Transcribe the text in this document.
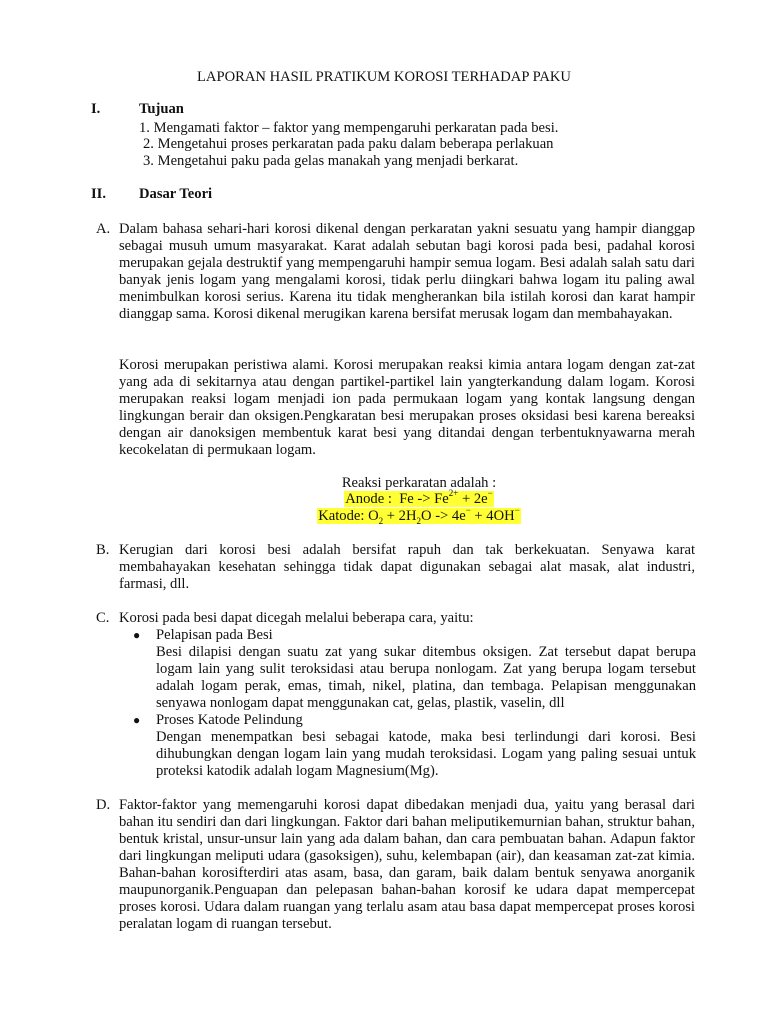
LAPORAN HASIL PRATIKUM KOROSI TERHADAP PAKU
I.	Tujuan
1. Mengamati faktor – faktor yang mempengaruhi perkaratan pada besi.
2. Mengetahui proses perkaratan pada paku dalam beberapa perlakuan
3. Mengetahui paku pada gelas manakah yang menjadi berkarat.
II. Dasar Teori
A. Dalam bahasa sehari-hari korosi dikenal dengan perkaratan yakni sesuatu yang hampir dianggap sebagai musuh umum masyarakat. Karat adalah sebutan bagi korosi pada besi, padahal korosi merupakan gejala destruktif yang mempengaruhi hampir semua logam. Besi adalah salah satu dari banyak jenis logam yang mengalami korosi, tidak perlu diingkari bahwa logam itu paling awal menimbulkan korosi serius. Karena itu tidak mengherankan bila istilah korosi dan karat hampir dianggap sama. Korosi dikenal merugikan karena bersifat merusak logam dan membahayakan.
Korosi merupakan peristiwa alami. Korosi merupakan reaksi kimia antara logam dengan zat-zat yang ada di sekitarnya atau dengan partikel-partikel lain yangterkandung dalam logam. Korosi merupakan reaksi logam menjadi ion pada permukaan logam yang kontak langsung dengan lingkungan berair dan oksigen.Pengkaratan besi merupakan proses oksidasi besi karena bereaksi dengan air danoksigen membentuk karat besi yang ditandai dengan terbentuknyawarna merah kecokelatan di permukaan logam.
Reaksi perkaratan adalah :
Anode : $Fe -> Fe^{2+} + 2e^-$
Katode: $O_2 + 2H_2O -> 4e^- + 4OH^-$
B. Kerugian dari korosi besi adalah bersifat rapuh dan tak berkekuatan. Senyawa karat membahayakan kesehatan sehingga tidak dapat digunakan sebagai alat masak, alat industri, farmasi, dll.
C. Korosi pada besi dapat dicegah melalui beberapa cara, yaitu:
● Pelapisan pada Besi
Besi dilapisi dengan suatu zat yang sukar ditembus oksigen. Zat tersebut dapat berupa logam lain yang sulit teroksidasi atau berupa nonlogam. Zat yang berupa logam tersebut adalah logam perak, emas, timah, nikel, platina, dan tembaga. Pelapisan menggunakan senyawa nonlogam dapat menggunakan cat, gelas, plastik, vaselin, dll
● Proses Katode Pelindung
Dengan menempatkan besi sebagai katode, maka besi terlindungi dari korosi. Besi dihubungkan dengan logam lain yang mudah teroksidasi. Logam yang paling sesuai untuk proteksi katodik adalah logam Magnesium(Mg).
D. Faktor-faktor yang memengaruhi korosi dapat dibedakan menjadi dua, yaitu yang berasal dari bahan itu sendiri dan dari lingkungan. Faktor dari bahan meliputikemurnian bahan, struktur bahan, bentuk kristal, unsur-unsur lain yang ada dalam bahan, dan cara pembuatan bahan. Adapun faktor dari lingkungan meliputi udara (gasoksigen), suhu, kelembapan (air), dan keasaman zat-zat kimia. Bahan-bahan korosifterdiri atas asam, basa, dan garam, baik dalam bentuk senyawa anorganik maupunorganik.Penguapan dan pelepasan bahan-bahan korosif ke udara dapat mempercepat proses korosi. Udara dalam ruangan yang terlalu asam atau basa dapat mempercepat proses korosi peralatan logam di ruangan tersebut.
